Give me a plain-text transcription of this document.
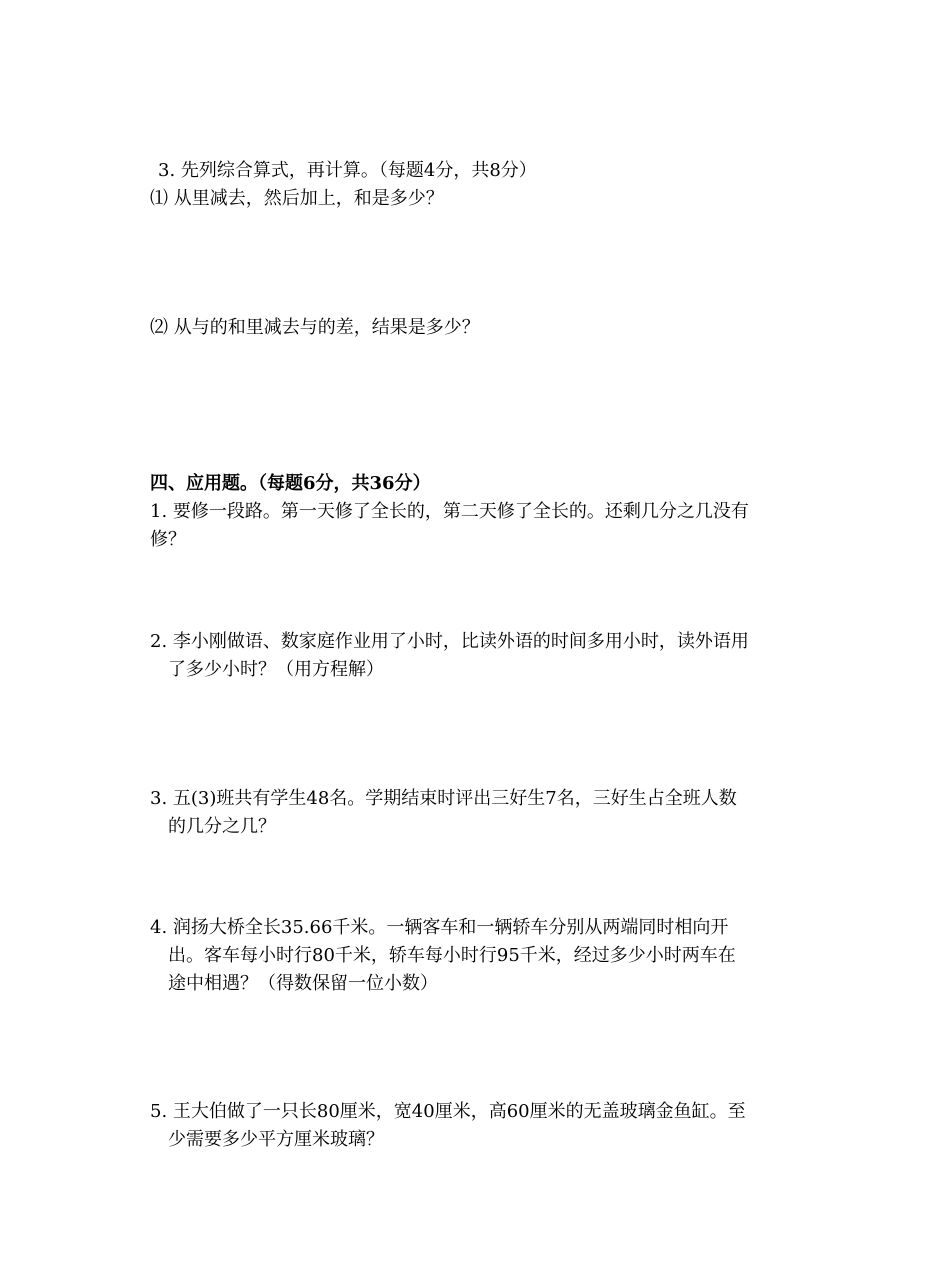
3. 先列综合算式，再计算。（每题4分，共8分）
⑴ 从里减去，然后加上，和是多少？
⑵ 从与的和里减去与的差，结果是多少？
四、应用题。（每题6分，共36分）
1. 要修一段路。第一天修了全长的，第二天修了全长的。还剩几分之几没有
修？
2. 李小刚做语、数家庭作业用了小时，比读外语的时间多用小时，读外语用
了多少小时？（用方程解）
3. 五(3)班共有学生48名。学期结束时评出三好生7名，三好生占全班人数
的几分之几？
4. 润扬大桥全长35.66千米。一辆客车和一辆轿车分别从两端同时相向开
出。客车每小时行80千米，轿车每小时行95千米，经过多少小时两车在
途中相遇？（得数保留一位小数）
5. 王大伯做了一只长80厘米，宽40厘米，高60厘米的无盖玻璃金鱼缸。至
少需要多少平方厘米玻璃？
